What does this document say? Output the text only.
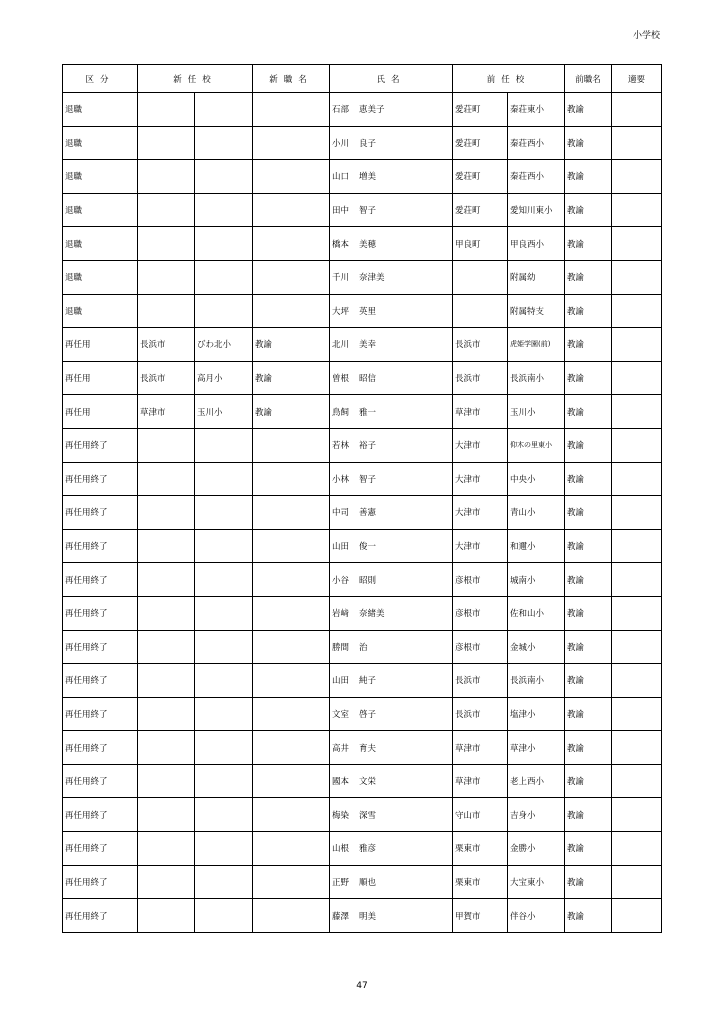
小学校
区分	新任校		新職名	氏名	前任校		前職名	適要
退職				石部 恵美子	愛荘町	秦荘東小	教諭	
退職				小川 良子	愛荘町	秦荘西小	教諭	
退職				山口 増美	愛荘町	秦荘西小	教諭	
退職				田中 智子	愛荘町	愛知川東小	教諭	
退職				橋本 美穂	甲良町	甲良西小	教諭	
退職				千川 奈津美		附属幼	教諭	
退職				大坪 英里		附属特支	教諭	
再任用	長浜市	びわ北小	教諭	北川 美幸	長浜市	虎姫学園(前)	教諭	
再任用	長浜市	高月小	教諭	曽根 昭信	長浜市	長浜南小	教諭	
再任用	草津市	玉川小	教諭	鳥飼 雅一	草津市	玉川小	教諭	
再任用終了				若林 裕子	大津市	仰木の里東小	教諭	
再任用終了				小林 智子	大津市	中央小	教諭	
再任用終了				中司 善憲	大津市	青山小	教諭	
再任用終了				山田 俊一	大津市	和邇小	教諭	
再任用終了				小谷 昭則	彦根市	城南小	教諭	
再任用終了				岩﨑 奈緒美	彦根市	佐和山小	教諭	
再任用終了				勝間 治	彦根市	金城小	教諭	
再任用終了				山田 純子	長浜市	長浜南小	教諭	
再任用終了				文室 啓子	長浜市	塩津小	教諭	
再任用終了				高井 育夫	草津市	草津小	教諭	
再任用終了				國本 文栄	草津市	老上西小	教諭	
再任用終了				梅染 深雪	守山市	吉身小	教諭	
再任用終了				山根 雅彦	栗東市	金勝小	教諭	
再任用終了				正野 順也	栗東市	大宝東小	教諭	
再任用終了				藤澤 明美	甲賀市	伴谷小	教諭	
47
